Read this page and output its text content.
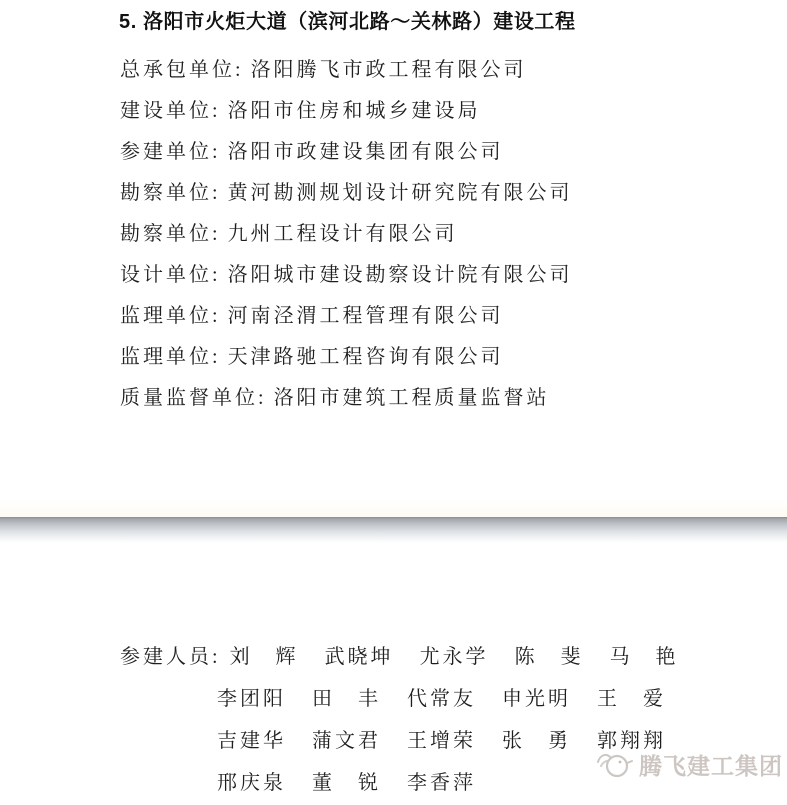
5. 洛阳市火炬大道（滨河北路～关林路）建设工程
总承包单位: 洛阳腾飞市政工程有限公司
建设单位: 洛阳市住房和城乡建设局
参建单位: 洛阳市政建设集团有限公司
勘察单位: 黄河勘测规划设计研究院有限公司
勘察单位: 九州工程设计有限公司
设计单位: 洛阳城市建设勘察设计院有限公司
监理单位: 河南泾渭工程管理有限公司
监理单位: 天津路驰工程咨询有限公司
质量监督单位: 洛阳市建筑工程质量监督站
参建人员: 刘　辉 武晓坤 尤永学 陈　斐 马　艳
李团阳 田　丰 代常友 申光明 王　爱
吉建华 蒲文君 王增荣 张　勇 郭翔翔
邢庆泉 董　锐 李香萍
腾飞建工集团
